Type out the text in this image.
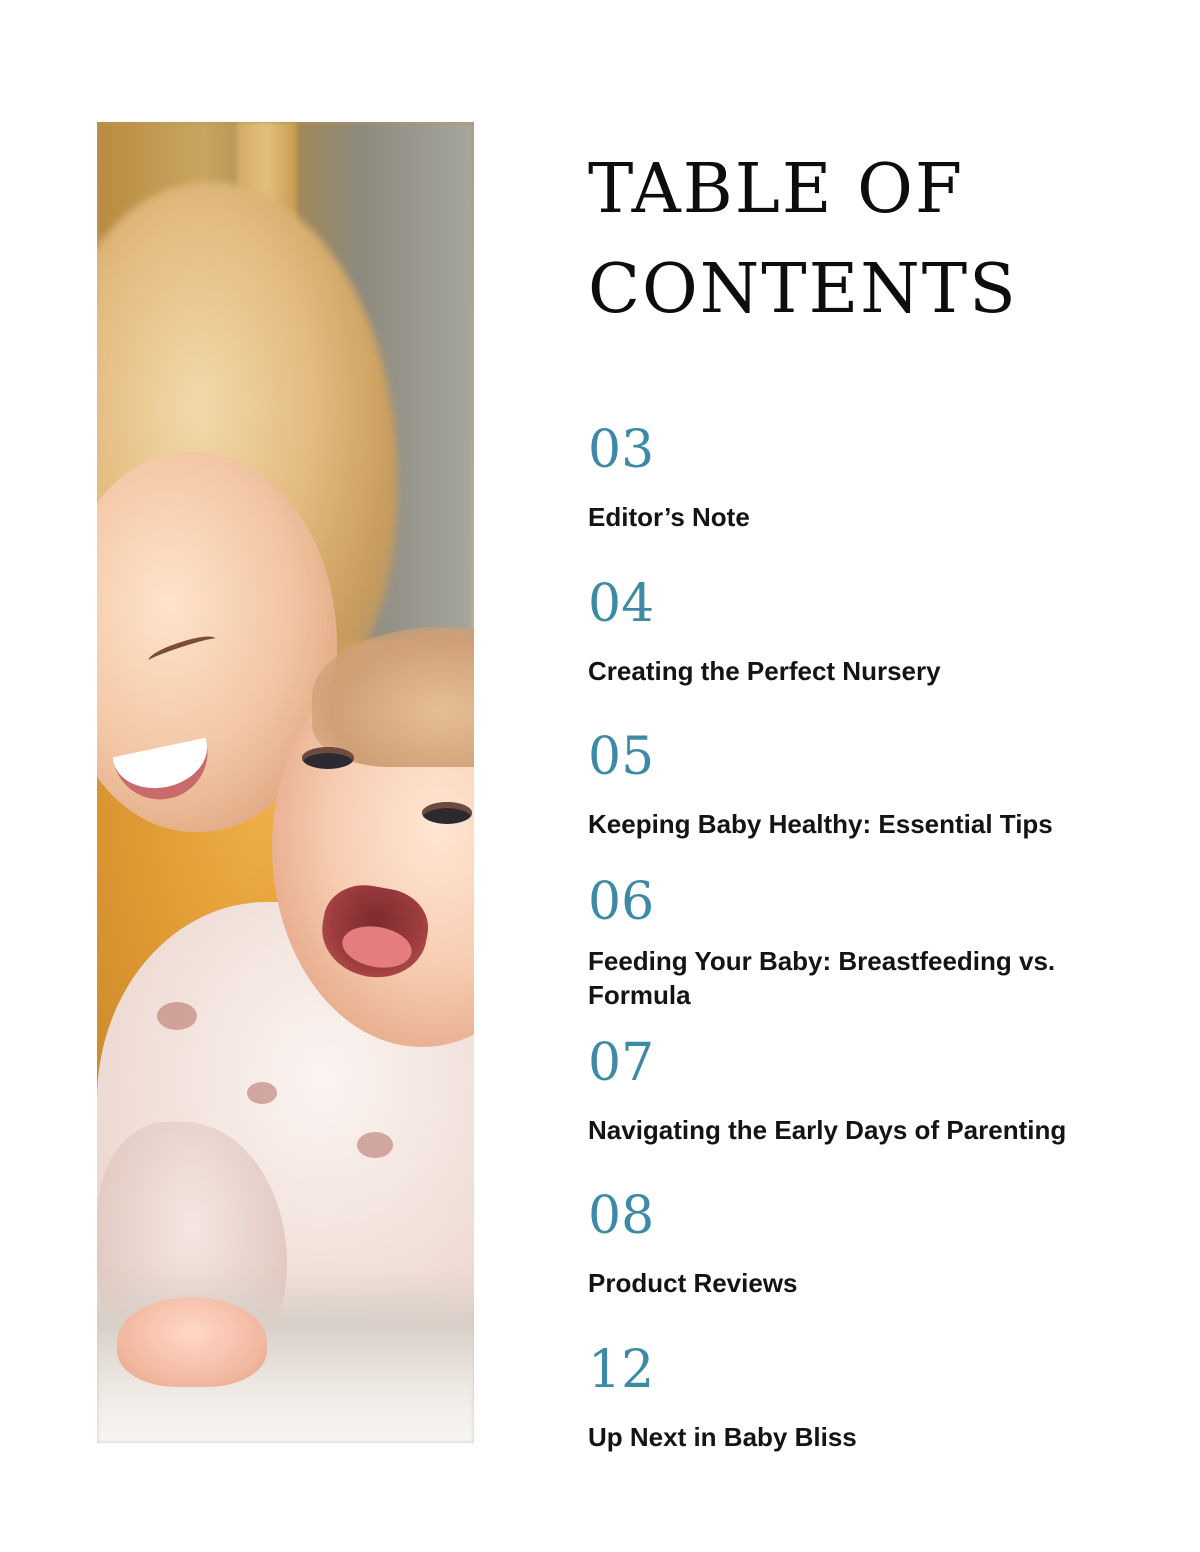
TABLE OF
CONTENTS
03
Editor’s Note
04
Creating the Perfect Nursery
05
Keeping Baby Healthy: Essential Tips
06
Feeding Your Baby: Breastfeeding vs. Formula
07
Navigating the Early Days of Parenting
08
Product Reviews
12
Up Next in Baby Bliss
